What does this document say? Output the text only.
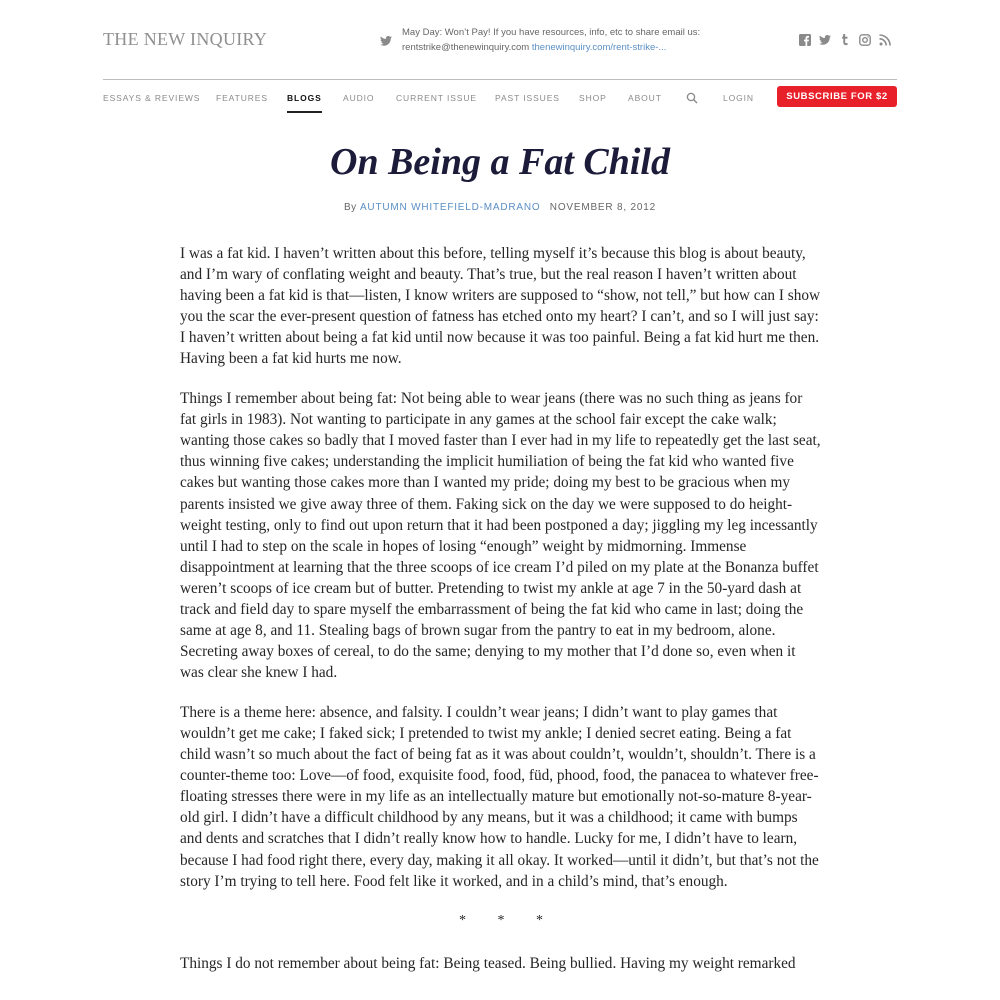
THE NEW INQUIRY	May Day: Won’t Pay! If you have resources, info, etc to share email us: rentstrike@thenewinquiry.com thenewinquiry.com/rent-strike-...
ESSAYS & REVIEWS FEATURES BLOGS	AUDIO	CURRENT ISSUE PAST ISSUES SHOP	ABOUT	LOGIN	SUBSCRIBE FOR $2
On Being a Fat Child
By AUTUMN WHITEFIELD-MADRANO NOVEMBER 8, 2012

I was a fat kid. I haven’t written about this before, telling myself it’s because this blog is about beauty, and I’m wary of conflating weight and beauty. That’s true, but the real reason I haven’t written about having been a fat kid is that—listen, I know writers are supposed to “show, not tell,” but how can I show you the scar the ever-present question of fatness has etched onto my heart? I can’t, and so I will just say: I haven’t written about being a fat kid until now because it was too painful. Being a fat kid hurt me then. Having been a fat kid hurts me now.

Things I remember about being fat: Not being able to wear jeans (there was no such thing as jeans for fat girls in 1983). Not wanting to participate in any games at the school fair except the cake walk; wanting those cakes so badly that I moved faster than I ever had in my life to repeatedly get the last seat, thus winning five cakes; understanding the implicit humiliation of being the fat kid who wanted five cakes but wanting those cakes more than I wanted my pride; doing my best to be gracious when my parents insisted we give away three of them. Faking sick on the day we were supposed to do height-weight testing, only to find out upon return that it had been postponed a day; jiggling my leg incessantly until I had to step on the scale in hopes of losing “enough” weight by midmorning. Immense disappointment at learning that the three scoops of ice cream I’d piled on my plate at the Bonanza buffet weren’t scoops of ice cream but of butter. Pretending to twist my ankle at age 7 in the 50-yard dash at track and field day to spare myself the embarrassment of being the fat kid who came in last; doing the same at age 8, and 11. Stealing bags of brown sugar from the pantry to eat in my bedroom, alone. Secreting away boxes of cereal, to do the same; denying to my mother that I’d done so, even when it was clear she knew I had.

There is a theme here: absence, and falsity. I couldn’t wear jeans; I didn’t want to play games that wouldn’t get me cake; I faked sick; I pretended to twist my ankle; I denied secret eating. Being a fat child wasn’t so much about the fact of being fat as it was about couldn’t, wouldn’t, shouldn’t. There is a counter-theme too: Love—of food, exquisite food, food, füd, phood, food, the panacea to whatever free-floating stresses there were in my life as an intellectually mature but emotionally not-so-mature 8-year-old girl. I didn’t have a difficult childhood by any means, but it was a childhood; it came with bumps and dents and scratches that I didn’t really know how to handle. Lucky for me, I didn’t have to learn, because I had food right there, every day, making it all okay. It worked—until it didn’t, but that’s not the story I’m trying to tell here. Food felt like it worked, and in a child’s mind, that’s enough.

* * *

Things I do not remember about being fat: Being teased. Being bullied. Having my weight remarked
